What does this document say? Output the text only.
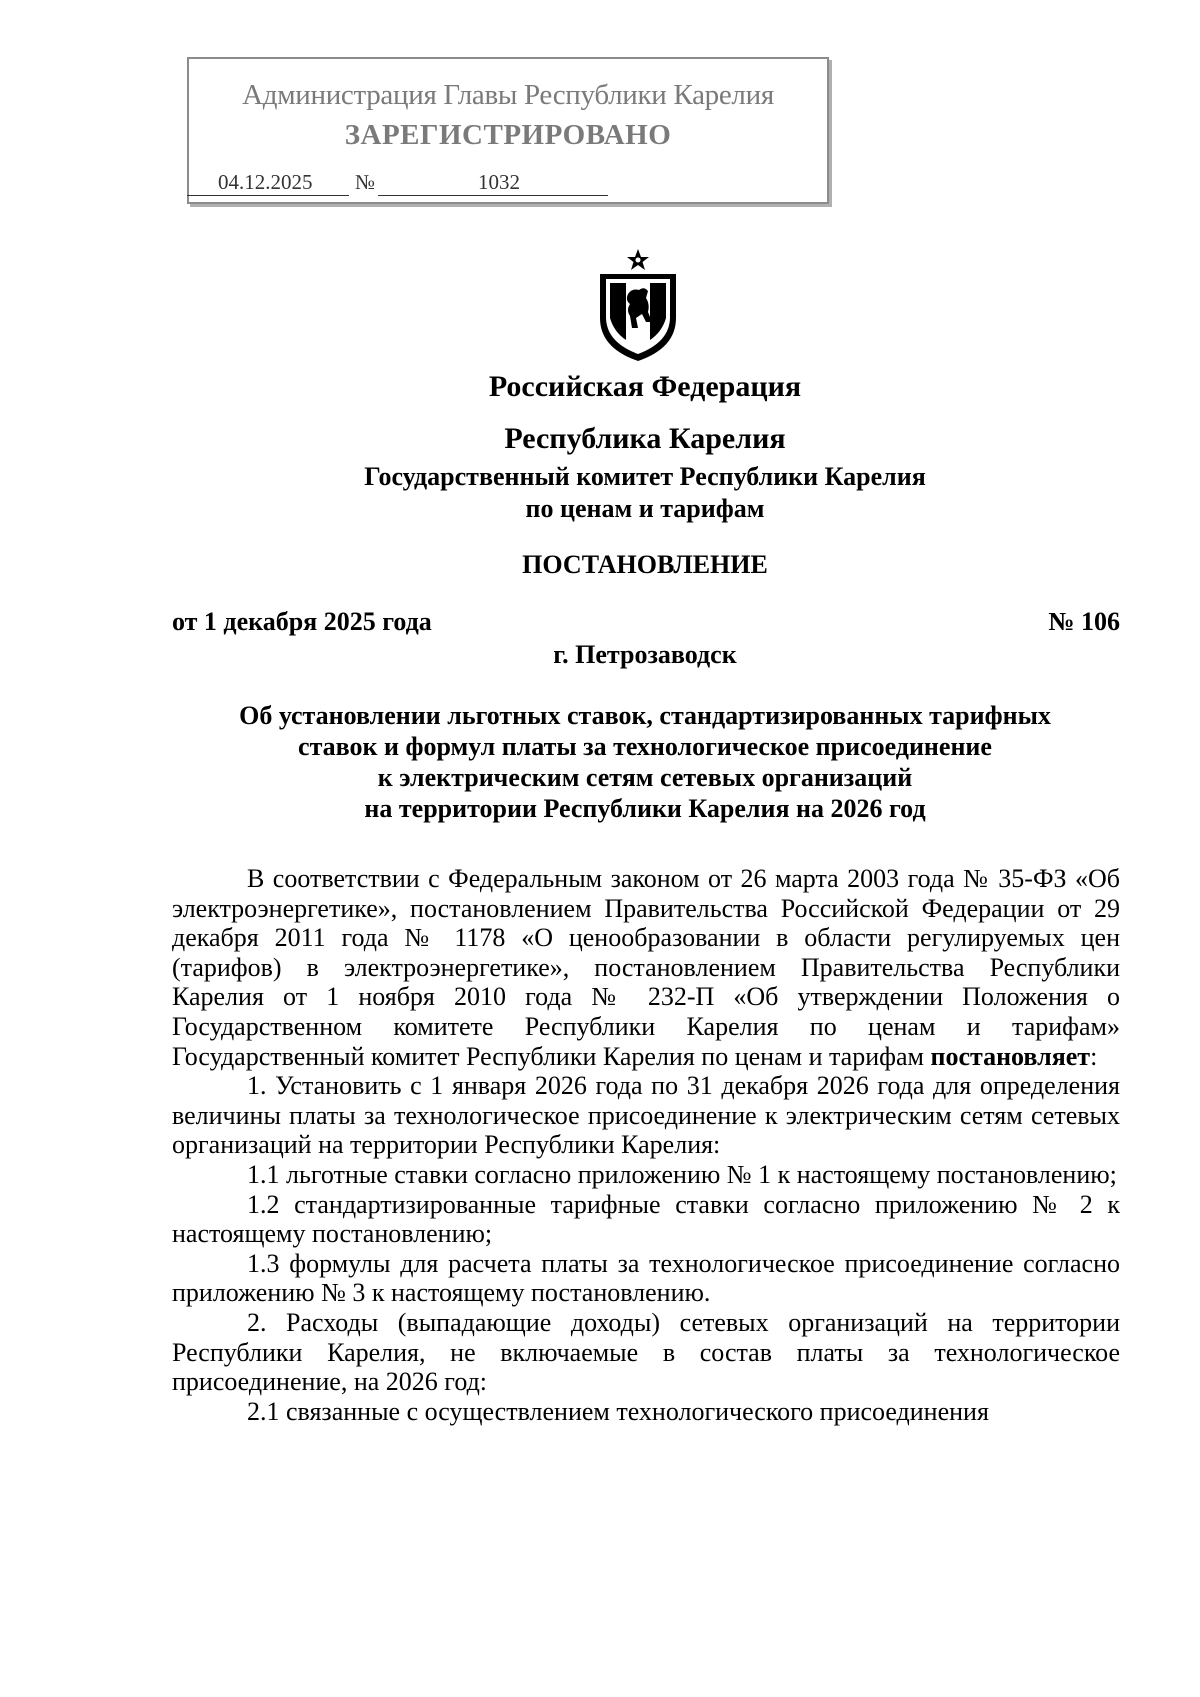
Администрация Главы Республики Карелия
ЗАРЕГИСТРИРОВАНО
04.12.2025 №	1032
Российская Федерация
Республика Карелия
Государственный комитет Республики Карелия
по ценам и тарифам
ПОСТАНОВЛЕНИЕ
от 1 декабря 2025 года	№ 106
г. Петрозаводск
Об установлении льготных ставок, стандартизированных тарифных
ставок и формул платы за технологическое присоединение
к электрическим сетям сетевых организаций
на территории Республики Карелия на 2026 год

В соответствии с Федеральным законом от 26 марта 2003 года № 35-ФЗ «Об электроэнергетике», постановлением Правительства Российской Федерации от 29 декабря 2011 года № 1178 «О ценообразовании в области регулируемых цен (тарифов) в электроэнергетике», постановлением Правительства Республики Карелия от 1 ноября 2010 года № 232-П «Об утверждении Положения о Государственном комитете Республики Карелия по ценам и тарифам» Государственный комитет Республики Карелия по ценам и тарифам постановляет:

1. Установить с 1 января 2026 года по 31 декабря 2026 года для определения величины платы за технологическое присоединение к электрическим сетям сетевых организаций на территории Республики Карелия:

1.1 льготные ставки согласно приложению № 1 к настоящему постановлению;

1.2 стандартизированные тарифные ставки согласно приложению № 2 к настоящему постановлению;

1.3 формулы для расчета платы за технологическое присоединение согласно приложению № 3 к настоящему постановлению.

2. Расходы (выпадающие доходы) сетевых организаций на территории Республики Карелия, не включаемые в состав платы за технологическое присоединение, на 2026 год:

2.1 связанные с осуществлением технологического присоединения
